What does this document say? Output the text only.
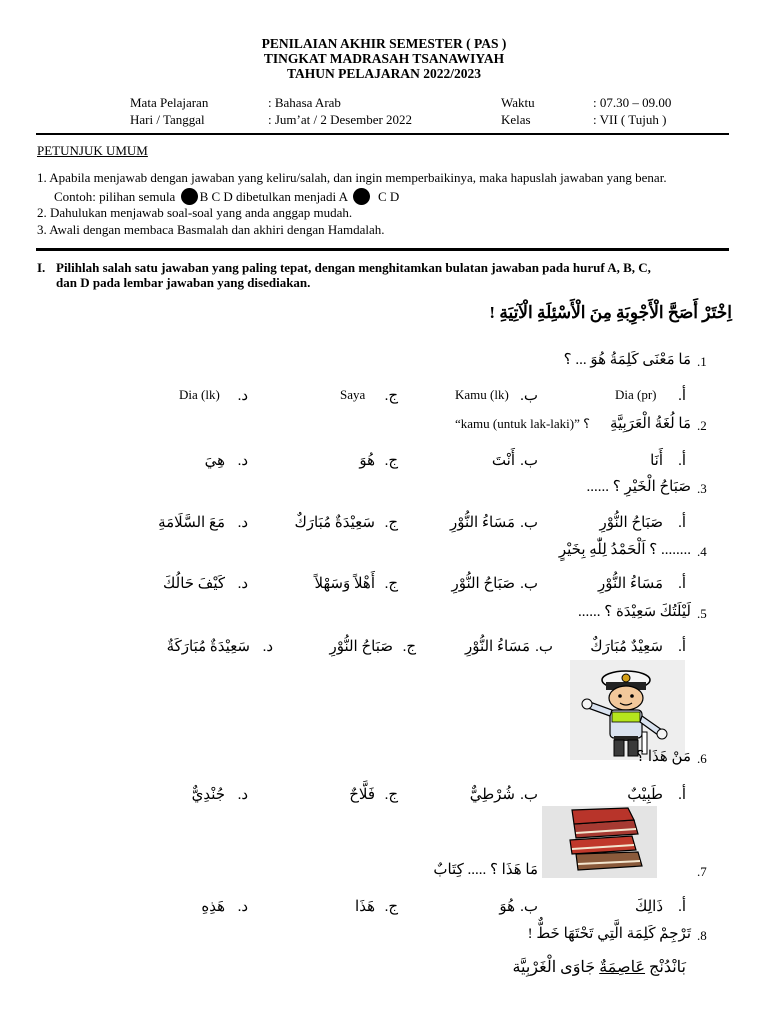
PENILAIAN AKHIR SEMESTER ( PAS )
TINGKAT MADRASAH TSANAWIYAH
TAHUN PELAJARAN 2022/2023
Mata Pelajaran	: Bahasa Arab	Waktu	: 07.30 – 09.00
Hari / Tanggal	: Jum’at / 2 Desember 2022	Kelas	: VII ( Tujuh )
PETUNJUK UMUM
1. Apabila menjawab dengan jawaban yang keliru/salah, dan ingin memperbaikinya, maka hapuslah jawaban yang benar.
Contoh: pilihan semula B C D dibetulkan menjadi A C D
2. Dahulukan menjawab soal-soal yang anda anggap mudah.
3. Awali dengan membaca Basmalah dan akhiri dengan Hamdalah.
I. Pilihlah salah satu jawaban yang paling tepat, dengan menghitamkan bulatan jawaban pada huruf A, B, C,
dan D pada lembar jawaban yang disediakan.
اِخْتَرْ أَصَحَّ الْأَجْوِبَةِ مِنَ الْأَسْئِلَةِ الْآتِيَةِ !
.1
مَا مَعْنَى كَلِمَةُ هُوَ ... ؟
أ.
Dia (pr)
ب.
Kamu (lk)
ج.
Saya
د.
Dia (lk)
.2
مَا لُغَةُ الْعَرَبِيَّةِ
“kamu (untuk lak-laki)” ؟
أ.
أَنَا
ب.
أَنْتَ
ج.
هُوَ
د.
هِيَ
.3
صَبَاحُ الْخَيْرِ ؟ ......
أ.
صَبَاحُ النُّوْرِ
ب.
مَسَاءُ النُّوْرِ
ج.
سَعِيْدَةٌ مُبَارَكٌ
د.
مَعَ السَّلَامَةِ
.4
........ ؟ اَلْحَمْدُ لِلّٰهِ بِخَيْرٍ
أ.
مَسَاءُ النُّوْرِ
ب.
صَبَاحُ النُّوْرِ
ج.
أَهْلاً وَسَهْلاً
د.
كَيْفَ حَالُكَ
.5
لَيْلَتُكَ سَعِيْدَة ؟ ......
أ.
سَعِيْدٌ مُبَارَكٌ
ب.
مَسَاءُ النُّوْرِ
ج.
صَبَاحُ النُّوْرِ
د.
سَعِيْدَةٌ مُبَارَكَةٌ
.6
مَنْ هَذَا ؟
أ.
طَبِيْبٌ
ب.
شُرْطِيٌّ
ج.
فَلَّاحٌ
د.
جُنْدِيٌّ
.7
مَا هَذَا ؟ ..... كِتَابٌ
أ.
ذَالِكَ
ب.
هُوَ
ج.
هَذَا
د.
هَذِهِ
.8
تَرْجِمْ كَلِمَة الَّتِي تَحْتَهَا خَطٌّ !
بَانْدُنْج عَاصِمَةٌ جَاوَى الْغَرْبِيَّة
